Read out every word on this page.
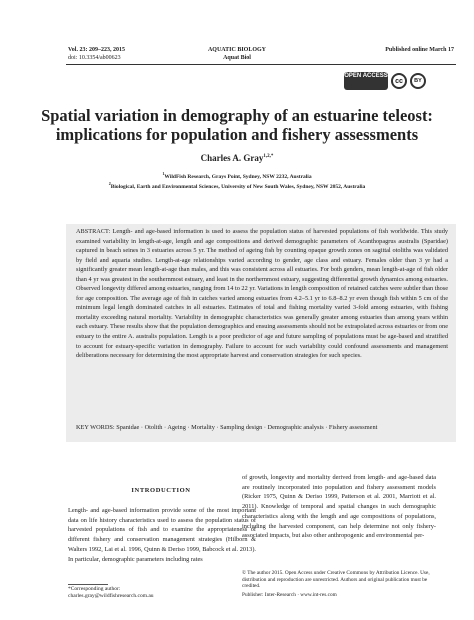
Vol. 23: 209–223, 2015
doi: 10.3354/ab00623
AQUATIC BIOLOGY
Aquat Biol
Published online March 17
OPEN ACCESS
cc BY
Spatial variation in demography of an estuarine teleost:
implications for population and fishery assessments
Charles A. Gray$^{1,2,*}$
$^1$WildFish Research, Grays Point, Sydney, NSW 2232, Australia
$^2$Biological, Earth and Environmental Sciences, University of New South Wales, Sydney, NSW 2052, Australia
ABSTRACT: Length- and age-based information is used to assess the population status of harvested populations of fish worldwide. This study examined variability in length-at-age, length and age compositions and derived demographic parameters of Acanthopagrus australis (Sparidae) captured in beach seines in 3 estuaries across 5 yr. The method of ageing fish by counting opaque growth zones on sagittal otoliths was validated by field and aquaria studies. Length-at-age relationships varied according to gender, age class and estuary. Females older than 3 yr had a significantly greater mean length-at-age than males, and this was consistent across all estuaries. For both genders, mean length-at-age of fish older than 4 yr was greatest in the southernmost estuary, and least in the northernmost estuary, suggesting differential growth dynamics among estuaries. Observed longevity differed among estuaries, ranging from 14 to 22 yr. Variations in length composition of retained catches were subtler than those for age composition. The average age of fish in catches varied among estuaries from 4.2–5.1 yr to 6.8–8.2 yr even though fish within 5 cm of the minimum legal length dominated catches in all estuaries. Estimates of total and fishing mortality varied 3-fold among estuaries, with fishing mortality exceeding natural mortality. Variability in demographic characteristics was generally greater among estuaries than among years within each estuary. These results show that the population demographics and ensuing assessments should not be extrapolated across estuaries or from one estuary to the entire A. australis population. Length is a poor predictor of age and future sampling of populations must be age-based and stratified to account for estuary-specific variation in demography. Failure to account for such variability could confound assessments and management deliberations necessary for determining the most appropriate harvest and conservation strategies for such species.
KEY WORDS: Spanidae · Otolith · Ageing · Mortality · Sampling design · Demographic analysis · Fishery assessment
INTRODUCTION
Length- and age-based information provide some of the most important data on life history characteristics used to assess the population status of harvested populations of fish and to examine the appropriateness of different fishery and conservation management strategies (Hilborn & Walters 1992, Lai et al. 1996, Quinn & Deriso 1999, Babcock et al. 2013). In particular, demographic parameters including rates
of growth, longevity and mortality derived from length- and age-based data are routinely incorporated into population and fishery assessment models (Ricker 1975, Quinn & Deriso 1999, Patterson et al. 2001, Marriott et al. 2011). Knowledge of temporal and spatial changes in such demographic characteristics along with the length and age compositions of populations, including the harvested component, can help determine not only fishery-associated impacts, but also other anthropogenic and environmental per-
*Corresponding author:
charles.gray@wildfishresearch.com.au
© The author 2015. Open Access under Creative Commons by Attribution Licence. Use, distribution and reproduction are unrestricted. Authors and original publication must be credited.
Publisher: Inter-Research · www.int-res.com
